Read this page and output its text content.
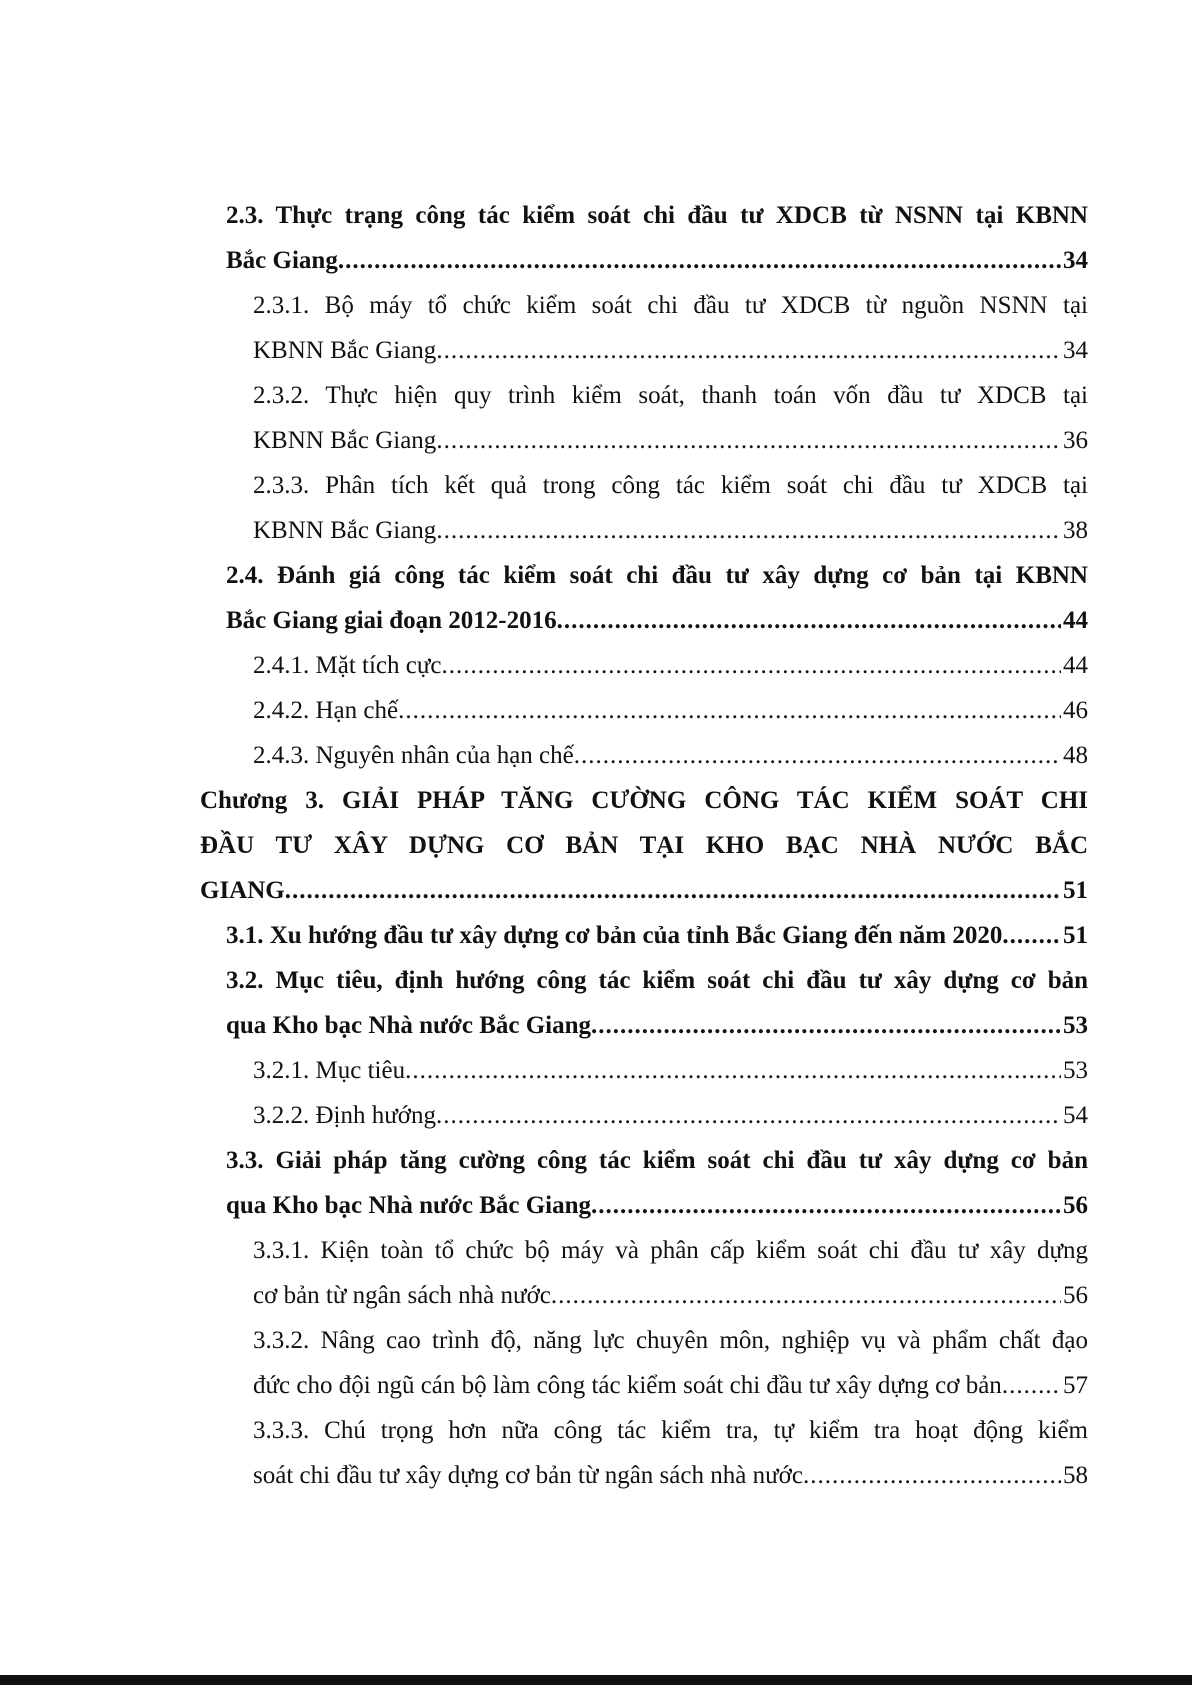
2.3. Thực trạng công tác kiểm soát chi đầu tư XDCB từ NSNN tại KBNN
Bắc Giang .....	34
2.3.1. Bộ máy tổ chức kiểm soát chi đầu tư XDCB từ nguồn NSNN tại
KBNN Bắc Giang .....	34
2.3.2. Thực hiện quy trình kiểm soát, thanh toán vốn đầu tư XDCB tại
KBNN Bắc Giang .....	36
2.3.3. Phân tích kết quả trong công tác kiểm soát chi đầu tư XDCB tại
KBNN Bắc Giang .....	38
2.4. Đánh giá công tác kiểm soát chi đầu tư xây dựng cơ bản tại KBNN
Bắc Giang giai đoạn 2012-2016 .....	44
2.4.1. Mặt tích cực .....	44
2.4.2. Hạn chế .....	46
2.4.3. Nguyên nhân của hạn chế .....	48
Chương 3. GIẢI PHÁP TĂNG CƯỜNG CÔNG TÁC KIỂM SOÁT CHI
ĐẦU TƯ XÂY DỰNG CƠ BẢN TẠI KHO BẠC NHÀ NƯỚC BẮC
GIANG .....	51
3.1. Xu hướng đầu tư xây dựng cơ bản của tỉnh Bắc Giang đến năm 2020 ..... 51
3.2. Mục tiêu, định hướng công tác kiểm soát chi đầu tư xây dựng cơ bản
qua Kho bạc Nhà nước Bắc Giang .....	53
3.2.1. Mục tiêu .....	53
3.2.2. Định hướng .....	54
3.3. Giải pháp tăng cường công tác kiểm soát chi đầu tư xây dựng cơ bản
qua Kho bạc Nhà nước Bắc Giang .....	56
3.3.1. Kiện toàn tổ chức bộ máy và phân cấp kiểm soát chi đầu tư xây dựng
cơ bản từ ngân sách nhà nước .....	56
3.3.2. Nâng cao trình độ, năng lực chuyên môn, nghiệp vụ và phẩm chất đạo
đức cho đội ngũ cán bộ làm công tác kiểm soát chi đầu tư xây dựng cơ bản ..... 57
3.3.3. Chú trọng hơn nữa công tác kiểm tra, tự kiểm tra hoạt động kiểm
soát chi đầu tư xây dựng cơ bản từ ngân sách nhà nước .....	58
